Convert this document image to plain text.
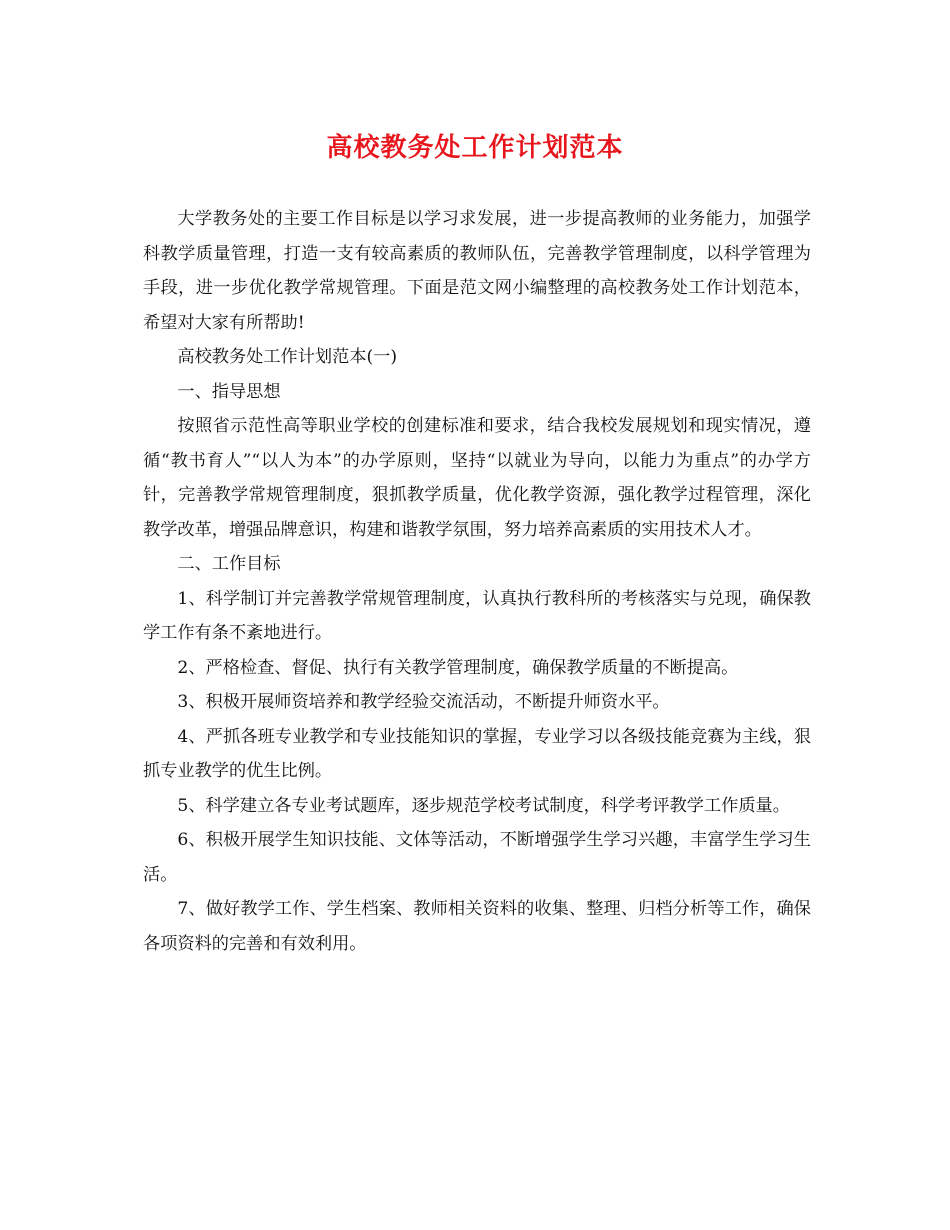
高校教务处工作计划范本

大学教务处的主要工作目标是以学习求发展，进一步提高教师的业务能力，加强学科教学质量管理，打造一支有较高素质的教师队伍，完善教学管理制度，以科学管理为手段，进一步优化教学常规管理。下面是范文网小编整理的高校教务处工作计划范本，希望对大家有所帮助!

高校教务处工作计划范本(一)

一、指导思想

按照省示范性高等职业学校的创建标准和要求，结合我校发展规划和现实情况，遵循“教书育人”“以人为本”的办学原则，坚持“以就业为导向，以能力为重点”的办学方针，完善教学常规管理制度，狠抓教学质量，优化教学资源，强化教学过程管理，深化教学改革，增强品牌意识，构建和谐教学氛围，努力培养高素质的实用技术人才。

二、工作目标

1、科学制订并完善教学常规管理制度，认真执行教科所的考核落实与兑现，确保教学工作有条不紊地进行。

2、严格检查、督促、执行有关教学管理制度，确保教学质量的不断提高。

3、积极开展师资培养和教学经验交流活动，不断提升师资水平。

4、严抓各班专业教学和专业技能知识的掌握，专业学习以各级技能竞赛为主线，狠抓专业教学的优生比例。

5、科学建立各专业考试题库，逐步规范学校考试制度，科学考评教学工作质量。

6、积极开展学生知识技能、文体等活动，不断增强学生学习兴趣，丰富学生学习生活。

7、做好教学工作、学生档案、教师相关资料的收集、整理、归档分析等工作，确保各项资料的完善和有效利用。
